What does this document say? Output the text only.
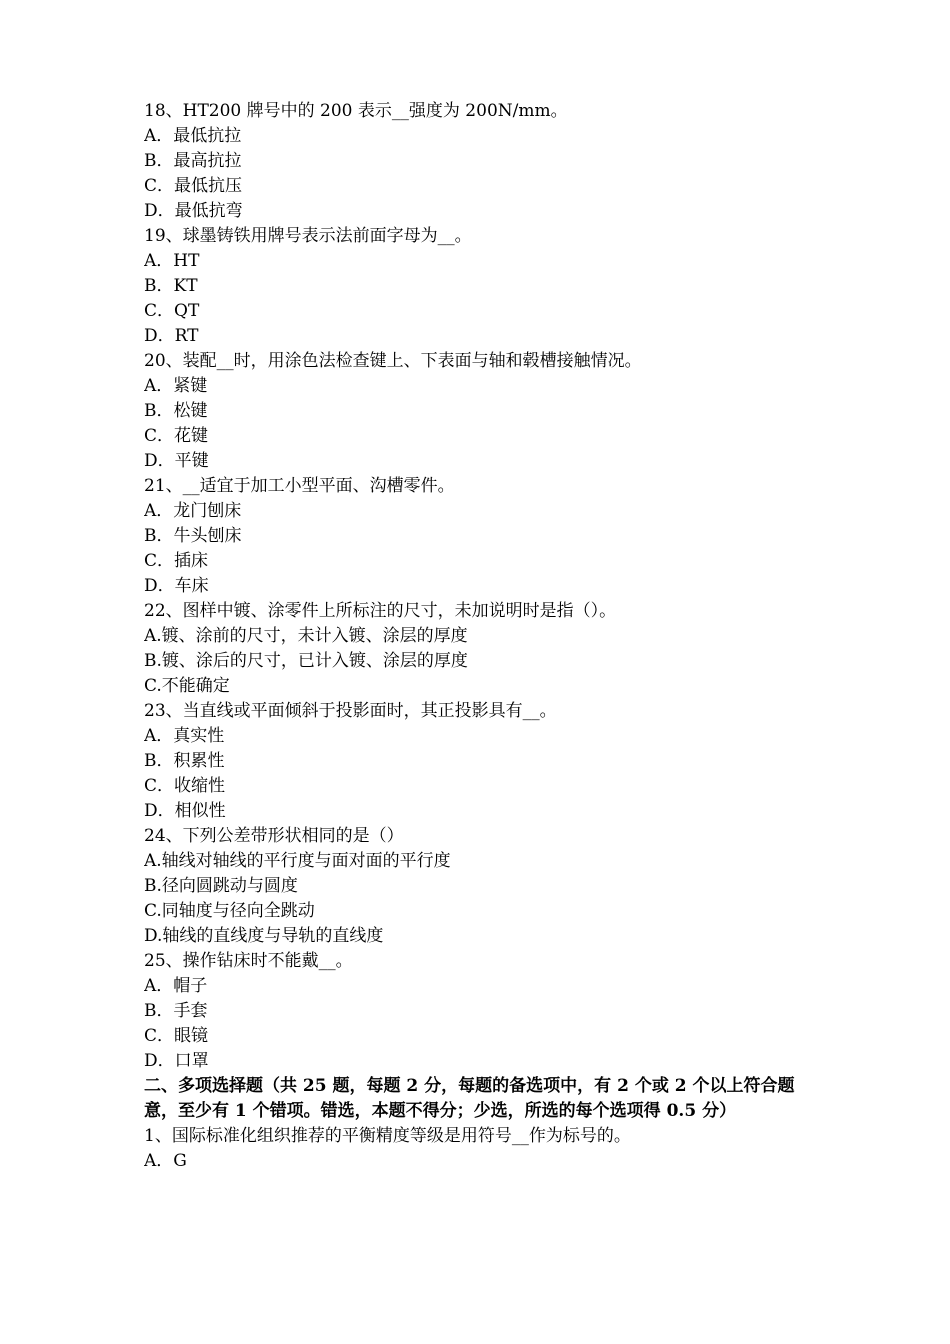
18、HT200 牌号中的 200 表示__强度为 200N/mm。
A．最低抗拉
B．最高抗拉
C．最低抗压
D．最低抗弯
19、球墨铸铁用牌号表示法前面字母为__。
A．HT
B．KT
C．QT
D．RT
20、装配__时，用涂色法检查键上、下表面与轴和毂槽接触情况。
A．紧键
B．松键
C．花键
D．平键
21、__适宜于加工小型平面、沟槽零件。
A．龙门刨床
B．牛头刨床
C．插床
D．车床
22、图样中镀、涂零件上所标注的尺寸，未加说明时是指（）。
A.镀、涂前的尺寸，未计入镀、涂层的厚度
B.镀、涂后的尺寸，已计入镀、涂层的厚度
C.不能确定
23、当直线或平面倾斜于投影面时，其正投影具有__。
A．真实性
B．积累性
C．收缩性
D．相似性
24、下列公差带形状相同的是（）
A.轴线对轴线的平行度与面对面的平行度
B.径向圆跳动与圆度
C.同轴度与径向全跳动
D.轴线的直线度与导轨的直线度
25、操作钻床时不能戴__。
A．帽子
B．手套
C．眼镜
D．口罩
二、多项选择题（共 25 题，每题 2 分，每题的备选项中，有 2 个或 2 个以上符合题意，至少有 1 个错项。错选，本题不得分；少选，所选的每个选项得 0.5 分）
1、国际标准化组织推荐的平衡精度等级是用符号__作为标号的。
A．G
